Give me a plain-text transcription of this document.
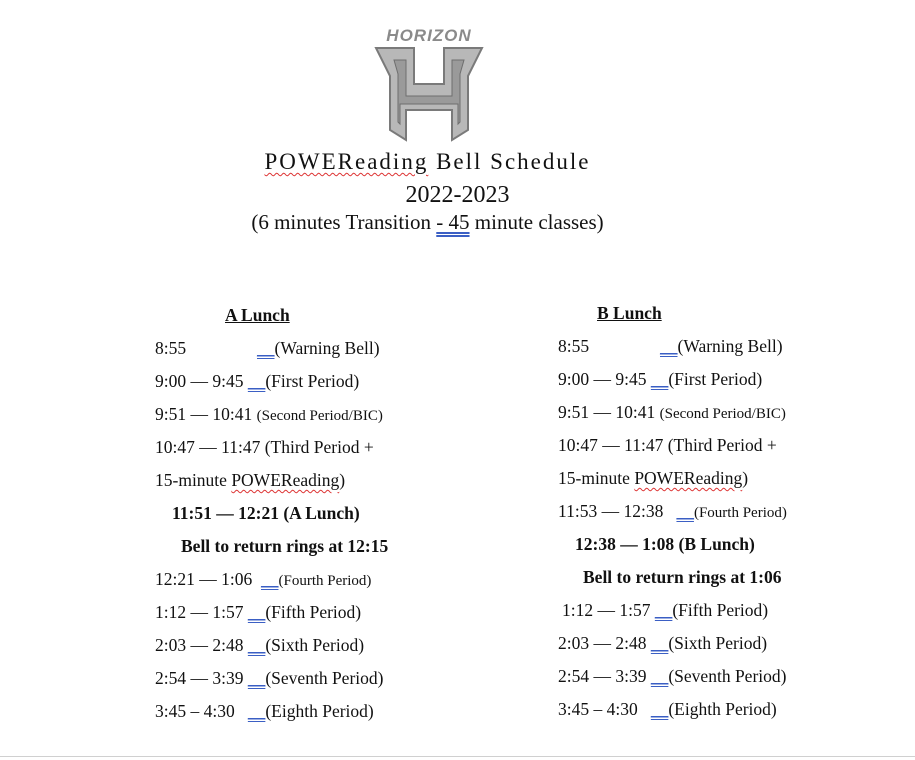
HORIZON
POWEReading Bell Schedule
2022-2023
(6 minutes Transition - 45 minute classes)
A Lunch
8:55	__(Warning Bell)
9:00 — 9:45 __(First Period)
9:51 — 10:41 (Second Period/BIC)
10:47 — 11:47 (Third Period +
15-minute POWEReading)
11:51 — 12:21 (A Lunch)
Bell to return rings at 12:15
12:21 — 1:06 __(Fourth Period)
1:12 — 1:57 __(Fifth Period)
2:03 — 2:48 __(Sixth Period)
2:54 — 3:39 __(Seventh Period)
3:45 – 4:30 __(Eighth Period)
B Lunch
8:55	__(Warning Bell)
9:00 — 9:45 __(First Period)
9:51 — 10:41 (Second Period/BIC)
10:47 — 11:47 (Third Period +
15-minute POWEReading)
11:53 — 12:38 __(Fourth Period)
12:38 — 1:08 (B Lunch)
Bell to return rings at 1:06
1:12 — 1:57 __(Fifth Period)
2:03 — 2:48 __(Sixth Period)
2:54 — 3:39 __(Seventh Period)
3:45 – 4:30 __(Eighth Period)
